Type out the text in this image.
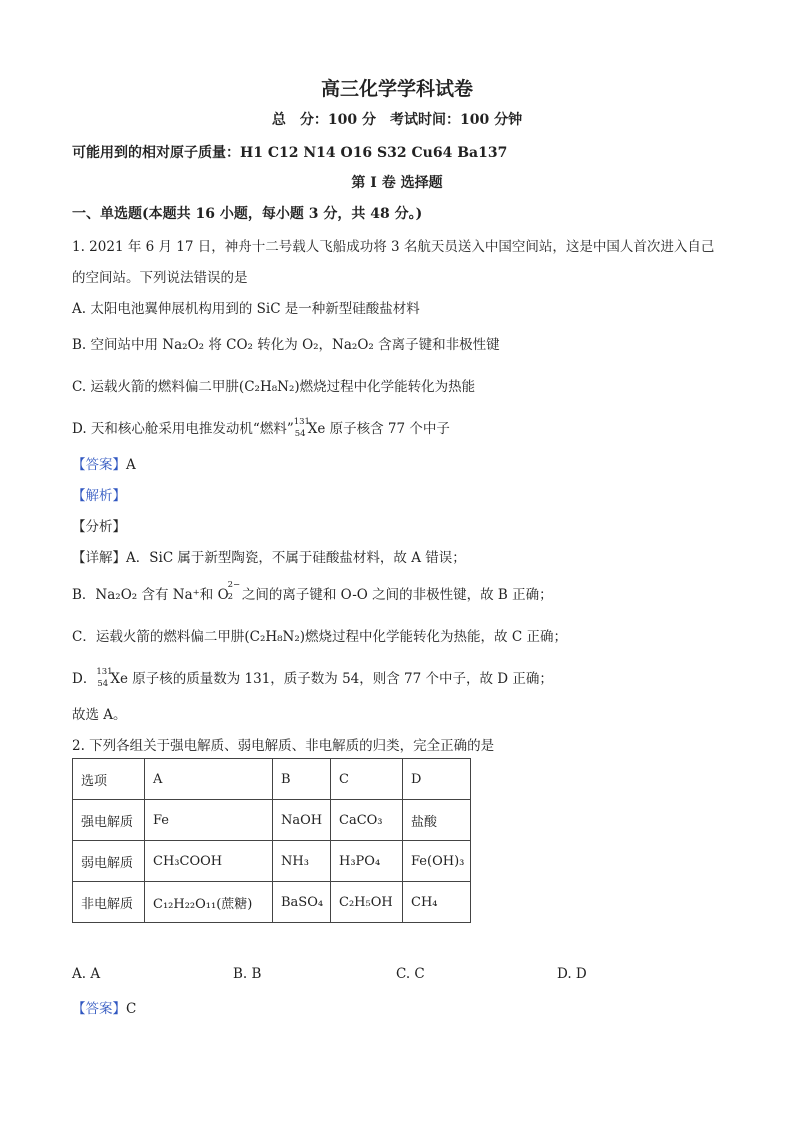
高三化学学科试卷
总　分：100 分　考试时间：100 分钟
可能用到的相对原子质量：H1 C12 N14 O16 S32 Cu64 Ba137
第 I 卷 选择题
一、单选题(本题共 16 小题，每小题 3 分，共 48 分。)
1. 2021 年 6 月 17 日，神舟十二号载人飞船成功将 3 名航天员送入中国空间站，这是中国人首次进入自己
的空间站。下列说法错误的是
A. 太阳电池翼伸展机构用到的 SiC 是一种新型硅酸盐材料
B. 空间站中用 Na₂O₂ 将 CO₂ 转化为 O₂，Na₂O₂ 含离子键和非极性键
C. 运载火箭的燃料偏二甲肼(C₂H₈N₂)燃烧过程中化学能转化为热能
D. 天和核心舱采用电推发动机“燃料” 131
54 Xe 原子核含 77 个中子
【答案】A
【解析】
【分析】
【详解】A．SiC 属于新型陶瓷，不属于硅酸盐材料，故 A 错误；
B．Na₂O₂ 含有 Na⁺和 O
2−
2 之间的离子键和 O-O 之间的非极性键，故 B 正确；
C．运载火箭的燃料偏二甲肼(C₂H₈N₂)燃烧过程中化学能转化为热能，故 C 正确；
D． 131
54 Xe 原子核的质量数为 131，质子数为 54，则含 77 个中子，故 D 正确；
故选 A。
2. 下列各组关于强电解质、弱电解质、非电解质的归类，完全正确的是
选项	A	B	C	D
强电解质	Fe	NaOH	CaCO₃	盐酸
弱电解质	CH₃COOH	NH₃	H₃PO₄	Fe(OH)₃
非电解质	C₁₂H₂₂O₁₁(蔗糖)	BaSO₄	C₂H₅OH	CH₄
A. A	B. B	C. C	D. D
【答案】C
